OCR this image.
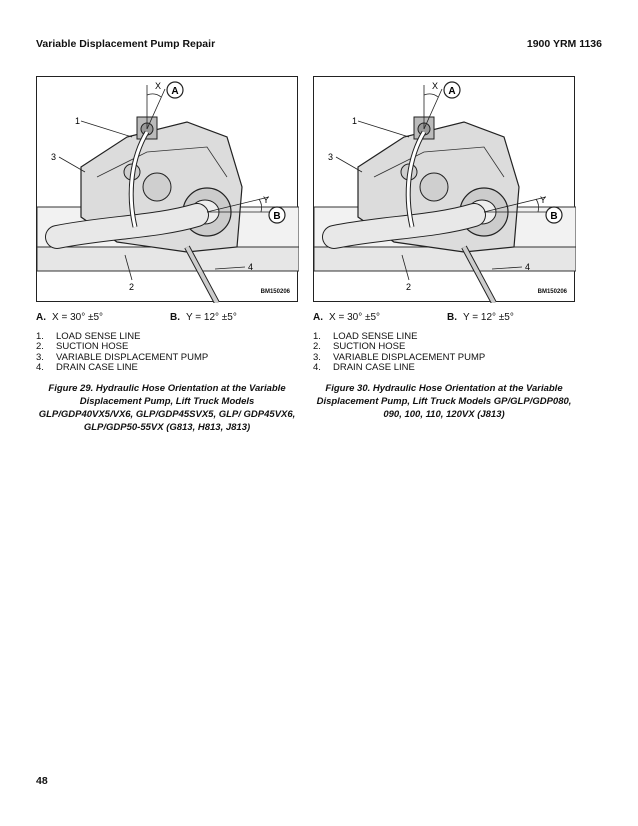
Variable Displacement Pump Repair	1900 YRM 1136
A
X
B
Y
1
3
2
4
BM150206
A. X = 30° ±5°	B. Y = 12° ±5°
1. LOAD SENSE LINE
2. SUCTION HOSE
3. VARIABLE DISPLACEMENT PUMP
4. DRAIN CASE LINE
Figure 29. Hydraulic Hose Orientation at the Variable Displacement Pump, Lift Truck Models GLP/GDP40VX5/VX6, GLP/GDP45SVX5, GLP/ GDP45VX6, GLP/GDP50-55VX (G813, H813, J813)
A
X
B
Y
1
3
2
4
BM150206
A. X = 30° ±5°	B. Y = 12° ±5°
1. LOAD SENSE LINE
2. SUCTION HOSE
3. VARIABLE DISPLACEMENT PUMP
4. DRAIN CASE LINE
Figure 30. Hydraulic Hose Orientation at the Variable Displacement Pump, Lift Truck Models GP/GLP/GDP080, 090, 100, 110, 120VX (J813)
48
